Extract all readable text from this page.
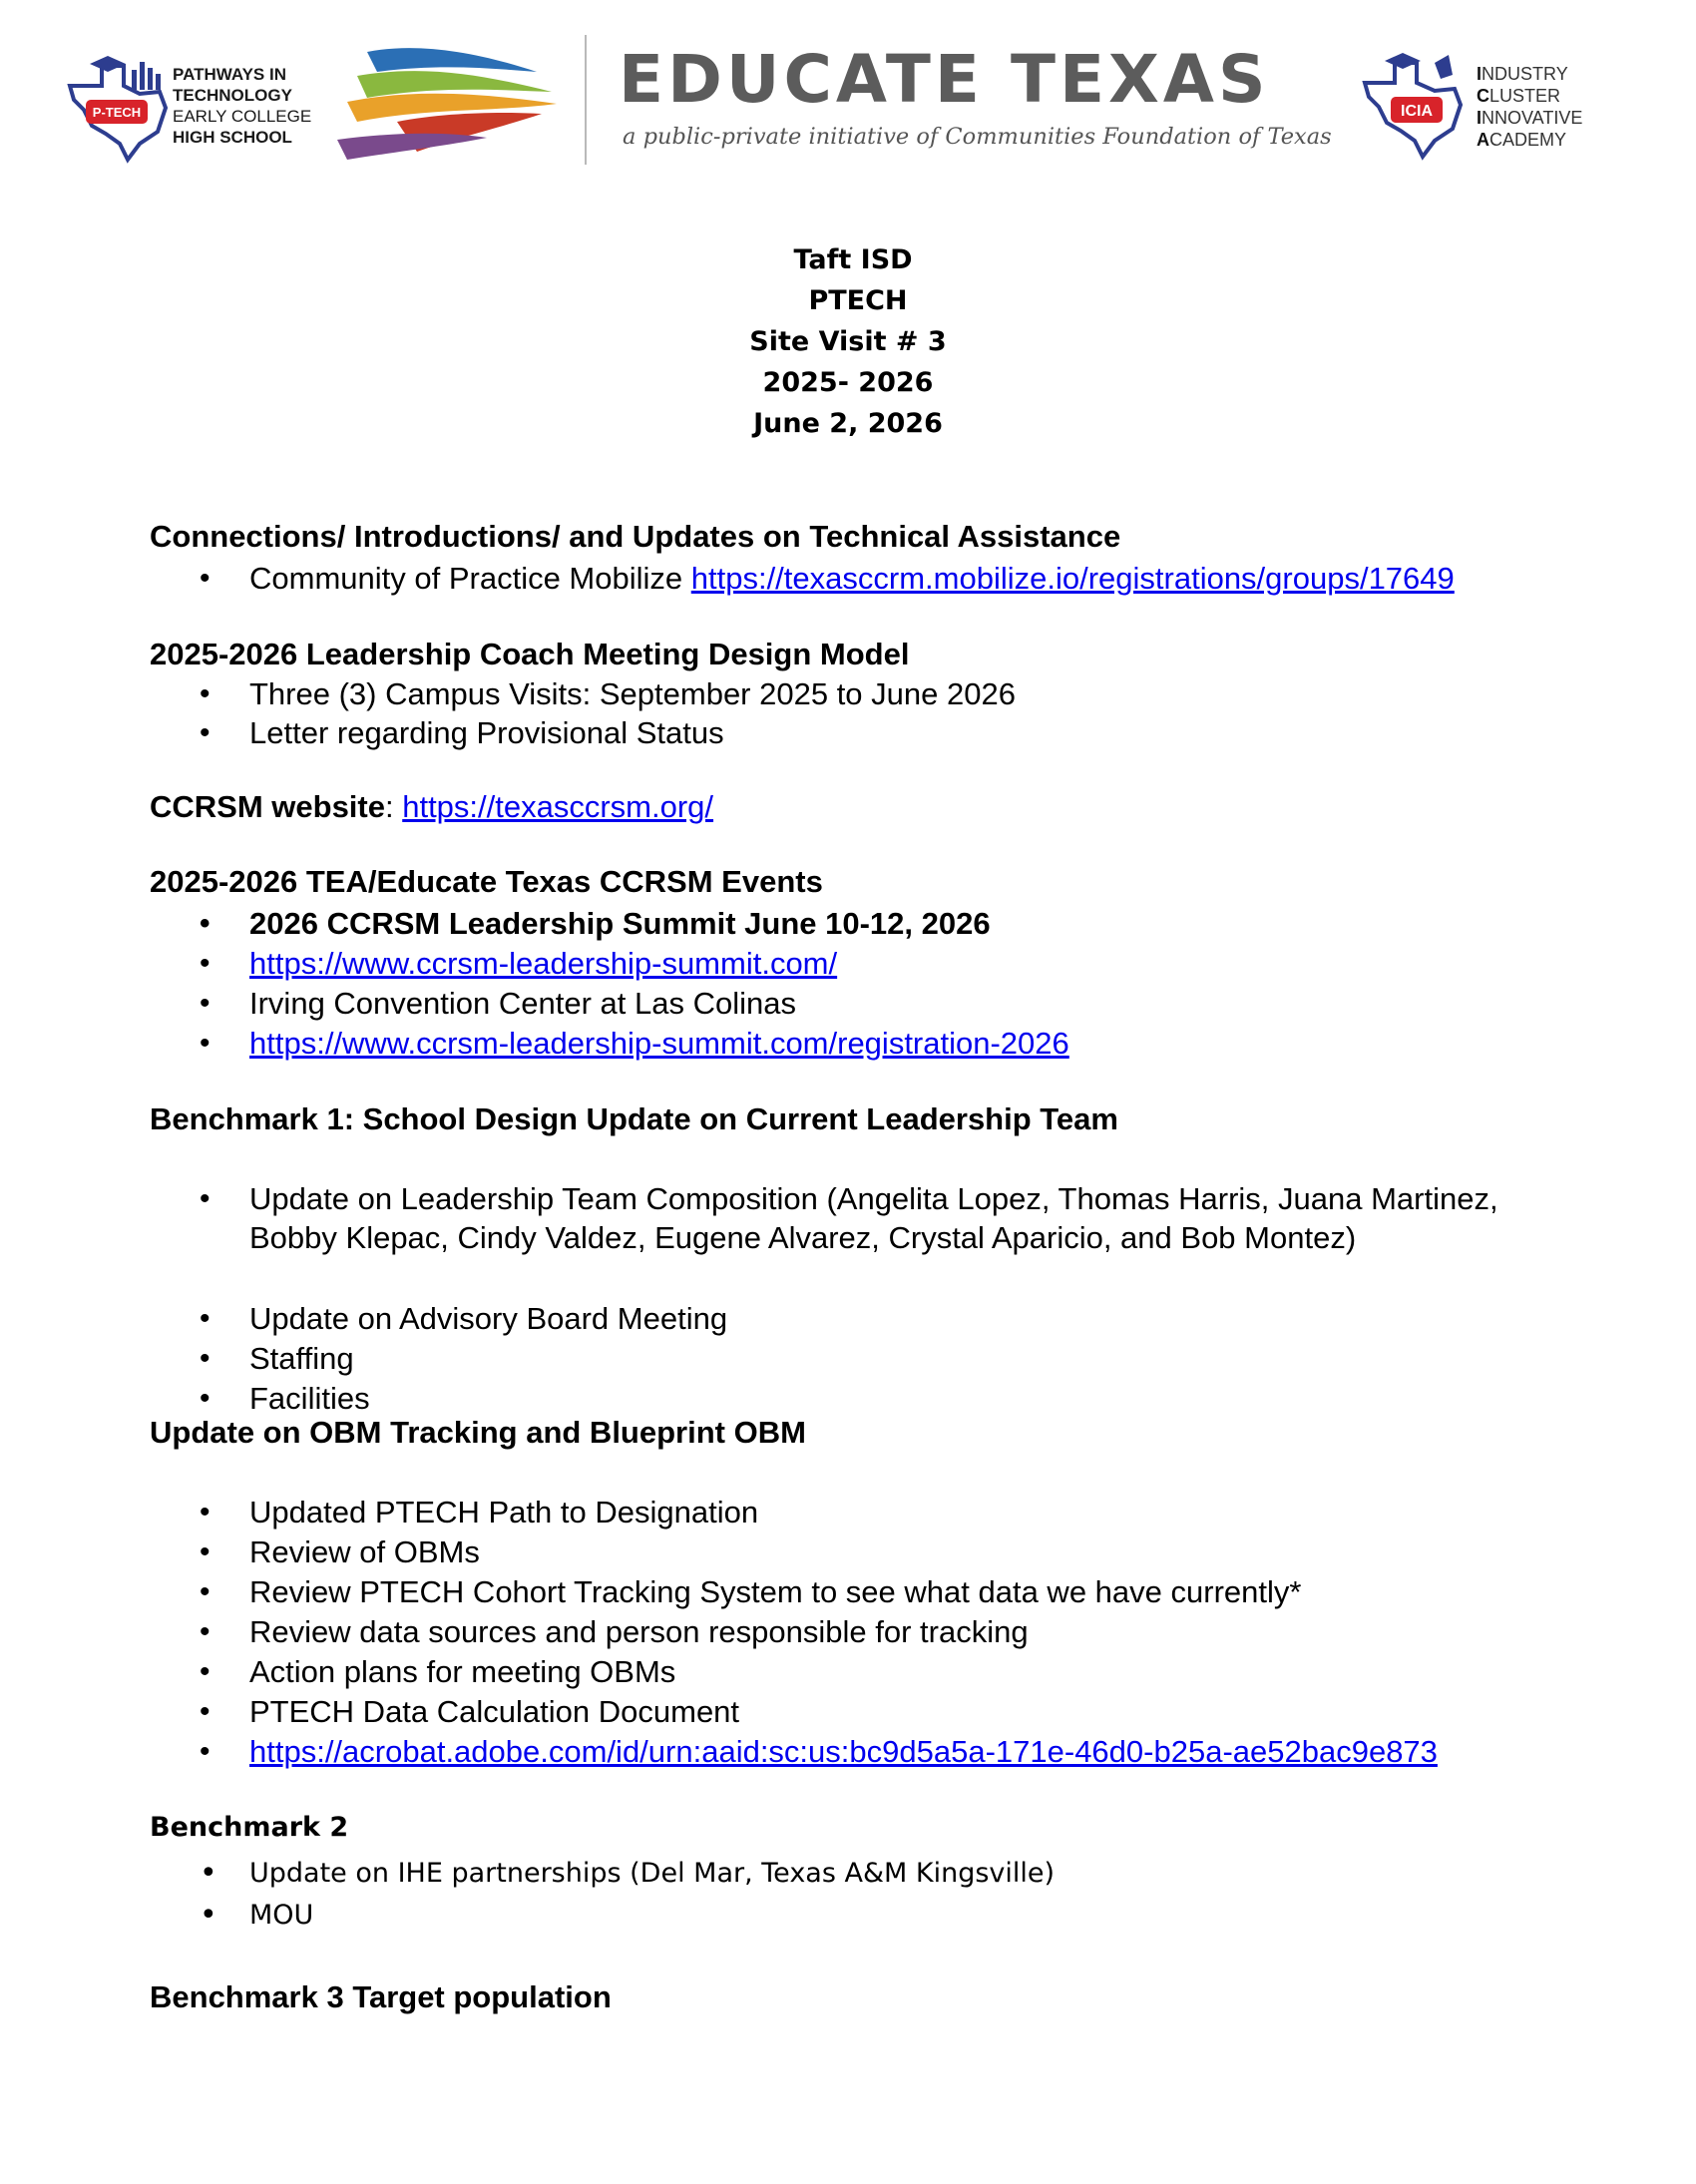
P-TECH
PATHWAYS IN
TECHNOLOGY
EARLY COLLEGE
HIGH SCHOOL
EDUCATE TEXAS
a public-private initiative of Communities Foundation of Texas
ICIA
INDUSTRY
CLUSTER
INNOVATIVE
ACADEMY
Taft ISD
PTECH
Site Visit # 3
2025- 2026
June 2, 2026
Connections/ Introductions/ and Updates on Technical Assistance
• Community of Practice Mobilize https://texasccrm.mobilize.io/registrations/groups/17649
2025-2026 Leadership Coach Meeting Design Model
• Three (3) Campus Visits: September 2025 to June 2026
• Letter regarding Provisional Status
CCRSM website: https://texasccrsm.org/
2025-2026 TEA/Educate Texas CCRSM Events
• 2026 CCRSM Leadership Summit June 10-12, 2026
• https://www.ccrsm-leadership-summit.com/
• Irving Convention Center at Las Colinas
• https://www.ccrsm-leadership-summit.com/registration-2026
Benchmark 1: School Design Update on Current Leadership Team
• Update on Leadership Team Composition (Angelita Lopez, Thomas Harris, Juana Martinez, Bobby Klepac, Cindy Valdez, Eugene Alvarez, Crystal Aparicio, and Bob Montez)
• Update on Advisory Board Meeting
• Staffing
• Facilities
Update on OBM Tracking and Blueprint OBM
• Updated PTECH Path to Designation
• Review of OBMs
• Review PTECH Cohort Tracking System to see what data we have currently*
• Review data sources and person responsible for tracking
• Action plans for meeting OBMs
• PTECH Data Calculation Document
• https://acrobat.adobe.com/id/urn:aaid:sc:us:bc9d5a5a-171e-46d0-b25a-ae52bac9e873
Benchmark 2
• Update on IHE partnerships (Del Mar, Texas A&M Kingsville)
• MOU
Benchmark 3 Target population
